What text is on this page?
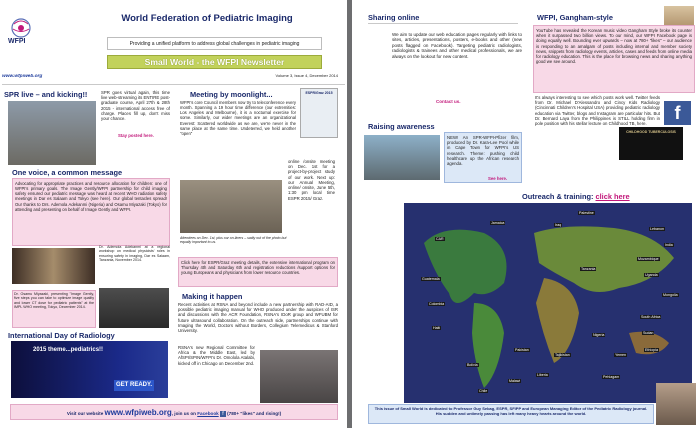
WFPI
www.wfpiweb.org
World Federation of Pediatric Imaging
Providing a unified platform to address global challenges in pediatric imaging
Small World - the WFPI Newsletter
Volume 3, Issue 4, December 2014
SPR live – and kicking!!	SPR goes virtual again, this time live web-streaming its ENTIRE post-graduate course, April 27th & 28th 2015 - international access free of charge. Places fill up, don't miss your chance.
Stay posted here.
One voice, a common message
Advocating for appropriate practices and resource allocation for children: one of WFPI's primary goals. The Image Gently/WFPI partnership for child imaging safety ensured our pediatric message was heard at recent WHO radiation safety meetings in Dar es Salaam and Tokyo (see here). Our global tentacles spread! Our thanks to Drs. Ademola Adekanmi (Nigeria) and Osamu Miyazaki (Tokyo) for attending and presenting on behalf of Image Gently and WFPI.
Dr. Ademola Adekanmi at a regional workshop on medical physicists' roles in ensuring safety in imaging, Dar es Salaam, Tanzania, November 2014.
Dr. Osamu Miyazaki, presenting "Image Gently, five steps you can take to optimize image quality and lower CT dose for pediatric patients" at the IMPL WHO meeting, Tokyo, December 2014.
International Day of Radiology
2015 theme...pediatrics!!
GET READY.
Meeting by moonlight...
WFPI's core Council members now try to teleconference every month. Spanning a 19 hour time difference (our extremities: Los Angeles and Melbourne), it is a nocturnal exercise for some. Similarly, our wider meetings are an organizational Everest: Scattered worldwide as we are, we're never in the same place at the same time. Undeterred, we held another "open"
ESPR/Graz 2015
online /onsite meeting on Dec. 1st for a project-by-project study of our work. Next up: our Annual Meeting, online/ onsite, June 5th, 1:30 pm local time ESPR 2015/ Graz.
Attendees on Dec. 1st, plus our on-liners – sadly out of the photo but equally important to us.
Click here for ESPR/Graz meeting details, the extensive international program on Thursday 4th and Saturday 6th and registration reductions /support options for young Europeans and physicians from lower resource countries.
Making it happen
Recent activities at RSNA and beyond include a new partnership with RAD-AID, a possible pediatric imaging manual for WHO produced under the auspices of ISR and discussions with the ACR Foundation, RSNA's IDoR group and WFUBM for future ultrasound collaboration. On the outreach side, partnerships continue with Imaging the World, Doctors without Borders, Collegium Telemedicus & Stanford University.
RSNA's new Regional Committee for Africa & the Middle East, led by AfSPI/SPIN/WFPI's Dr. Omolola Atalabi, kicked off in Chicago on December 2nd.
Visit our website www.wfpiweb.org, join us on Facebook f (780+ "likes" and rising!)
Sharing online
We aim to update our web education pages regularly with links to sites, articles, presentations, posters, e-books and other (new posts flagged on Facebook). Targeting pediatric radiologists, radiologists & trainees and other medical professionals, we are always on the lookout for new content.
Contact us.
Raising awareness
NEW! An SPR-WFPI-Pfizer film, produced by Dr. Kara-Lee Pool while in Cape Town for WFPI's US research. Theme: pushing child healthcare up the African research agenda.
See here.
WFPI, Gangham-style
YouTube has revealed the Korean music video Gangham Style broke its counter when it surpassed two billion views. To our mind, our WFPI Facebook page is doing equally well. Bounding ever upwards – now at 780+ "likes" – our audience is responding to an amalgam of posts including internal and member society news, snippets from radiology events, articles, cases and feeds from online media for radiology education. This is the place for browsing news and sharing anything good we see around.
It's always interesting to see which posts work well. Twitter feeds from Dr. Michael D'Alessandro and Cincy Kids Radiology (Cincinnati Children's Hospital USA) providing pediatric radiology education via Twitter, blogs and Instagram are particular hits. But Dr. Bernard Laya from the Philippines is STILL holding firm in pole position with his stellar lecture on Childhood TB, here.
f
CHILDHOOD TUBERCULOSIS
Outreach & training: click here
Palestine
Jamaica	Iraq
CAR
Guatemala
Colombia
Haiti
Lebanon
Tanzania
Nigeria
Mozambique
Uganda
South Africa
Ethiopia
Sudan
Yemen
Liberia
Tajikistan
Pakistan
India
Bolivia
Malawi
Pehlagam
Mongolia
Chile
This issue of Small World is dedicated to Professor Guy Sebag, ESPR, SFIPP and European Managing Editor of the Pediatric Radiology journal. His sudden and untimely passing has left many heavy hearts around the world.
